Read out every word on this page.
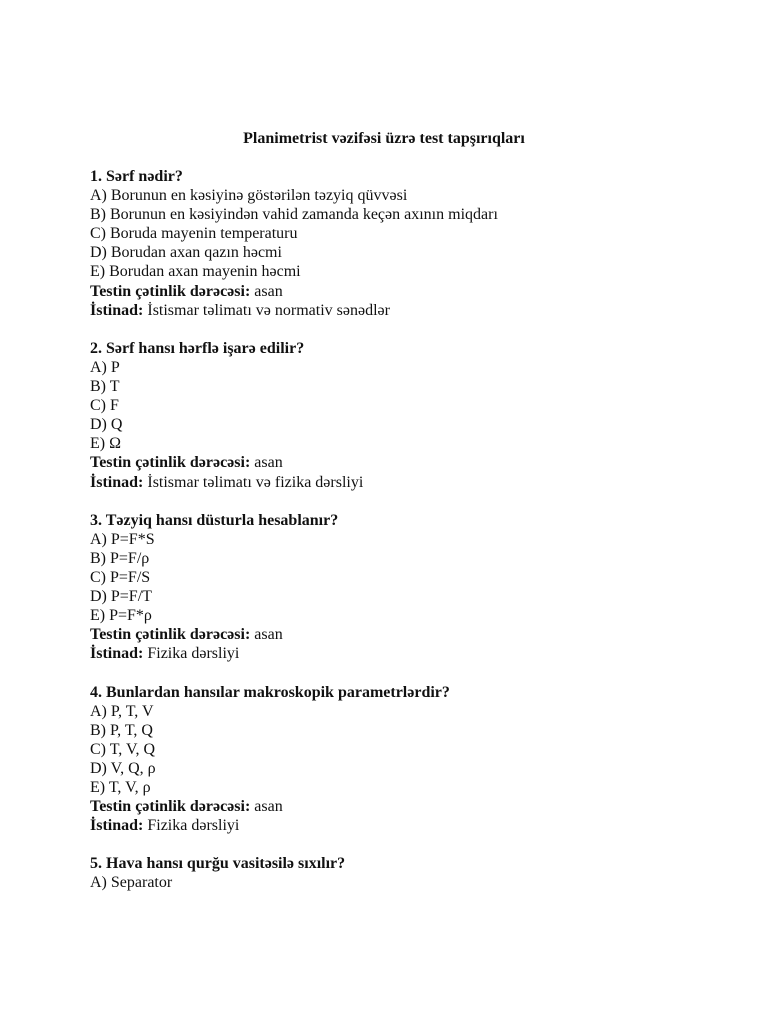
Planimetrist vəzifəsi üzrə test tapşırıqları
1. Sərf nədir?
A) Borunun en kəsiyinə göstərilən təzyiq qüvvəsi
B) Borunun en kəsiyindən vahid zamanda keçən axının miqdarı
C) Boruda mayenin temperaturu
D) Borudan axan qazın həcmi
E) Borudan axan mayenin həcmi
Testin çətinlik dərəcəsi: asan
İstinad: İstismar təlimatı və normativ sənədlər
2. Sərf hansı hərflə işarə edilir?
A) P
B) T
C) F
D) Q
E) Ω
Testin çətinlik dərəcəsi: asan
İstinad: İstismar təlimatı və fizika dərsliyi
3. Təzyiq hansı düsturla hesablanır?
A) P=F*S
B) P=F/ρ
C) P=F/S
D) P=F/T
E) P=F*ρ
Testin çətinlik dərəcəsi: asan
İstinad: Fizika dərsliyi
4. Bunlardan hansılar makroskopik parametrlərdir?
A) P, T, V
B) P, T, Q
C) T, V, Q
D) V, Q, ρ
E) T, V, ρ
Testin çətinlik dərəcəsi: asan
İstinad: Fizika dərsliyi
5. Hava hansı qurğu vasitəsilə sıxılır?
A) Separator
